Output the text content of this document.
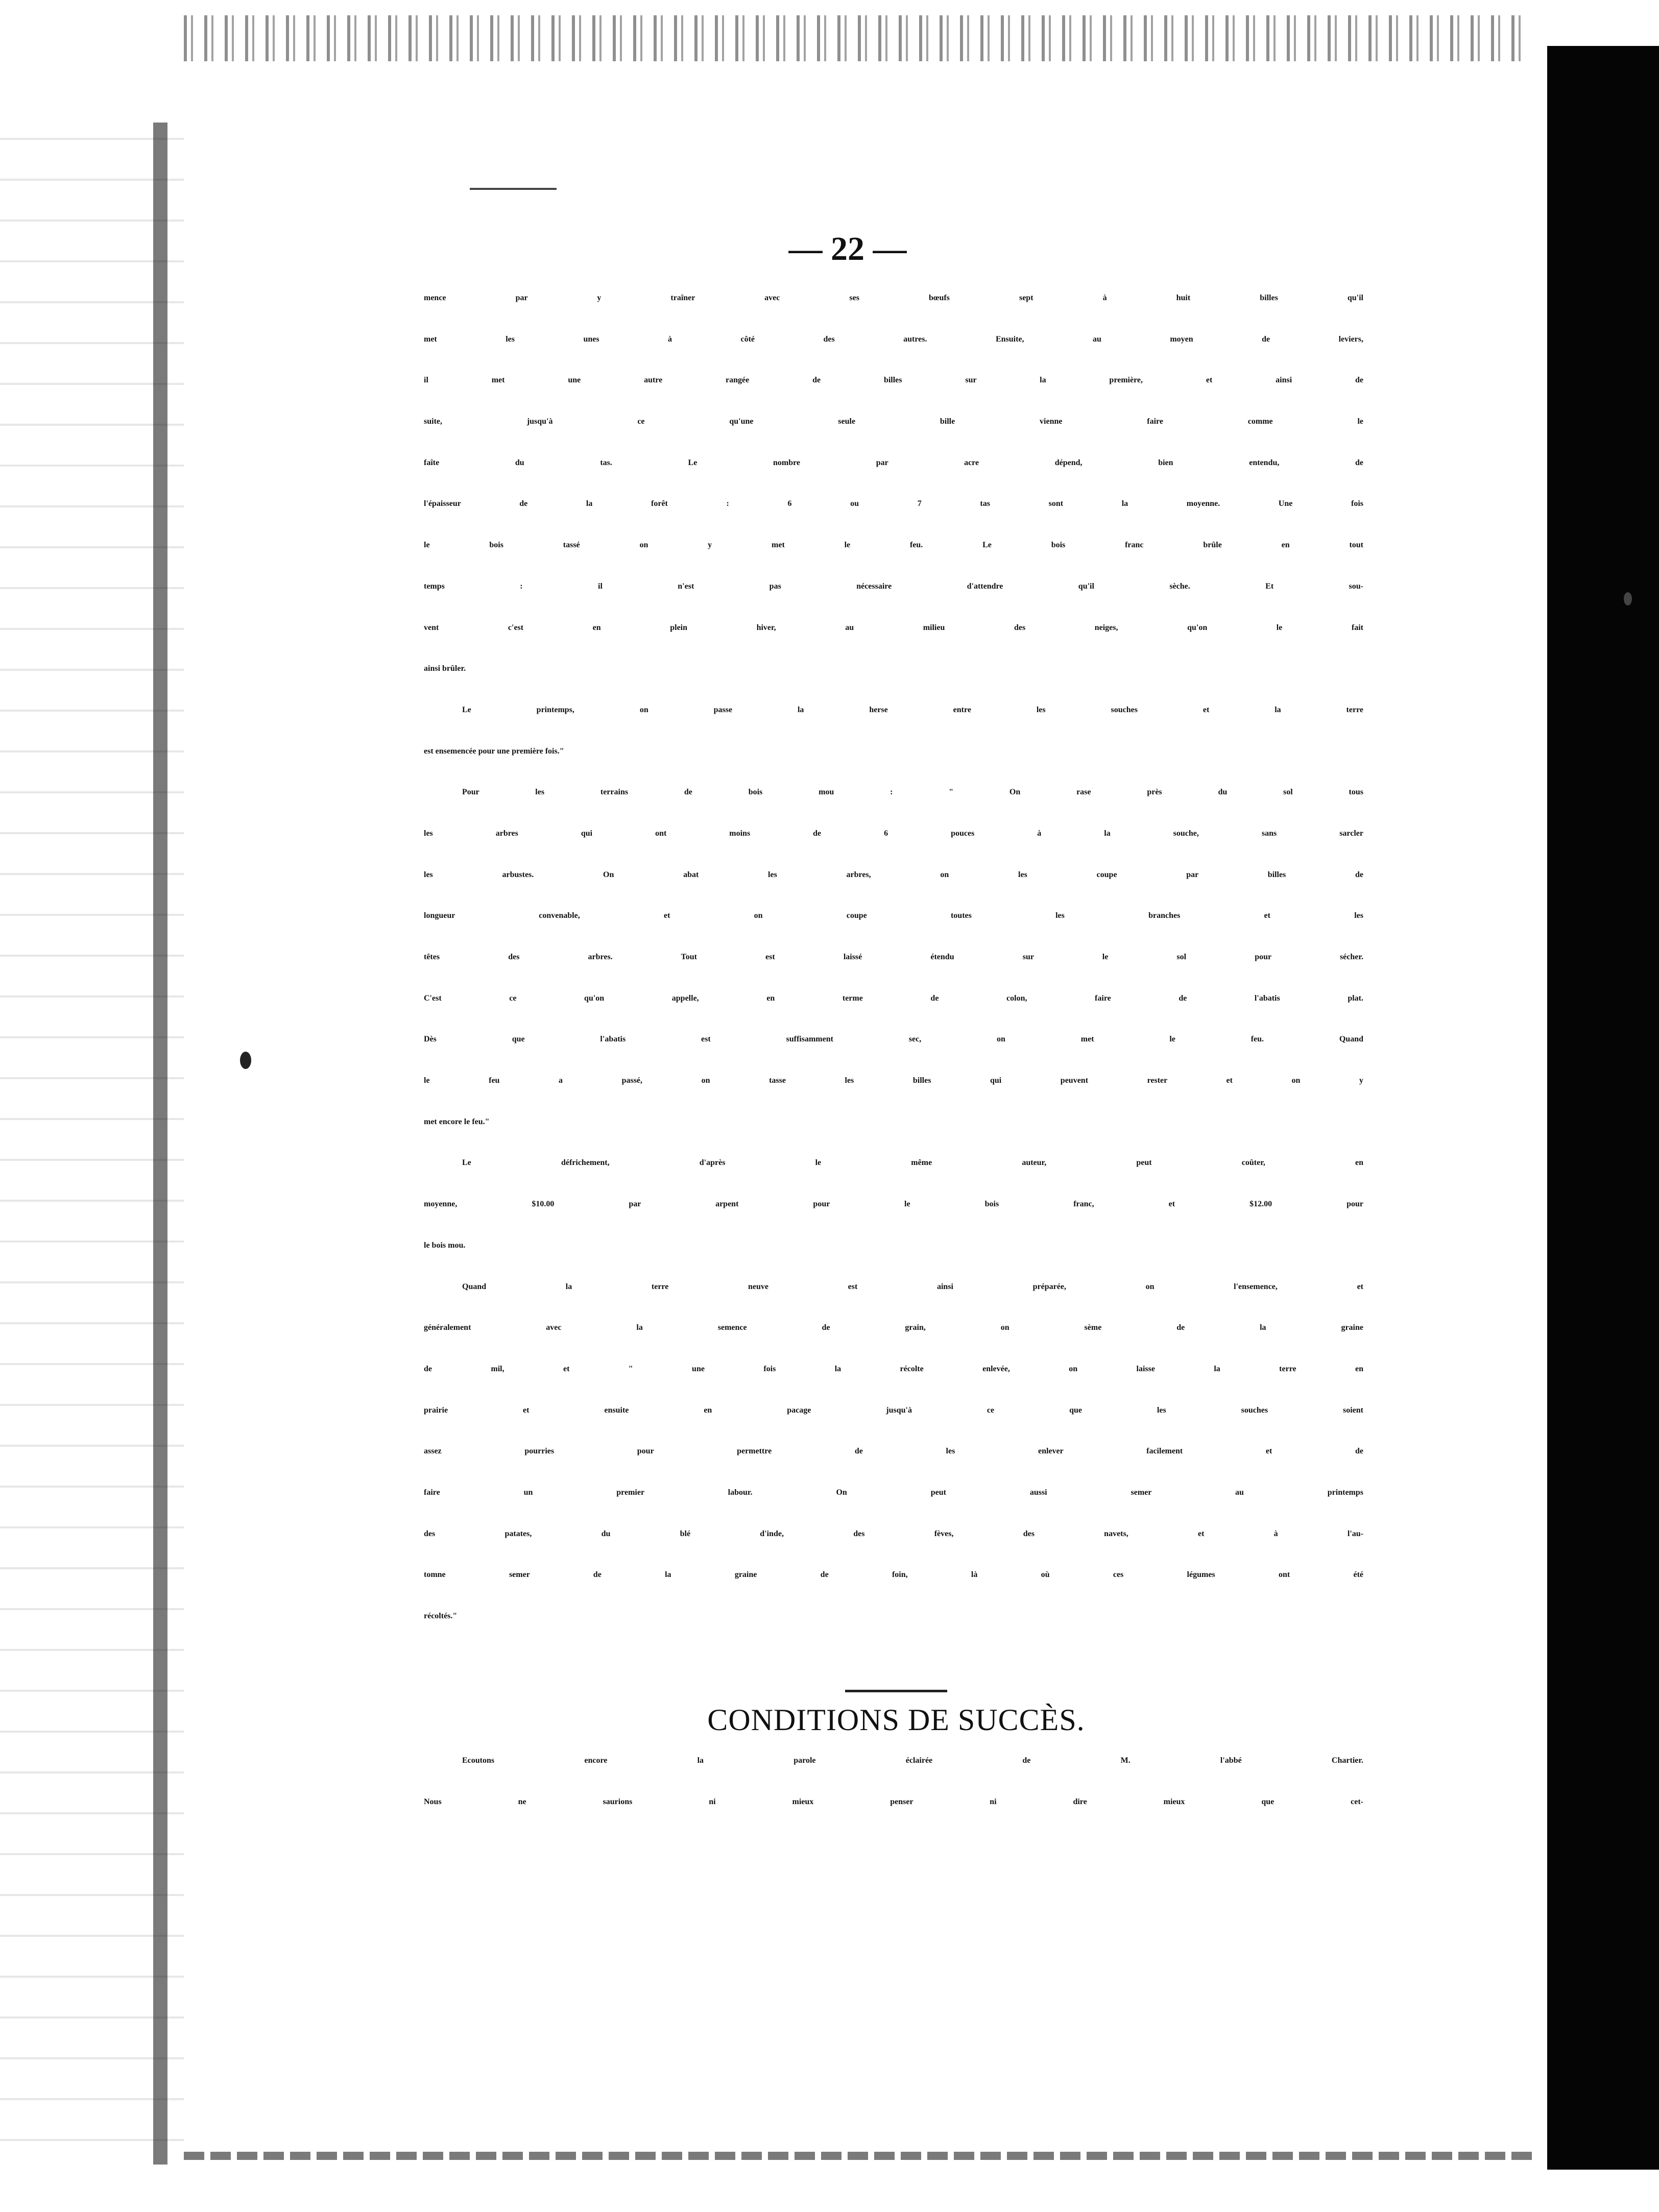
— 22 —
mence par y traîner avec ses bœufs sept à huit billes qu'il
met les unes à côté des autres. Ensuite, au moyen de leviers,
il met une autre rangée de billes sur la première, et ainsi de
suite, jusqu'à ce qu'une seule bille vienne faire comme le
faîte du tas. Le nombre par acre dépend, bien entendu, de
l'épaisseur de la forêt : 6 ou 7 tas sont la moyenne. Une fois
le bois tassé on y met le feu. Le bois franc brûle en tout
temps : il n'est pas nécessaire d'attendre qu'il sèche. Et sou-
vent c'est en plein hiver, au milieu des neiges, qu'on le fait
ainsi brûler.
Le printemps, on passe la herse entre les souches et la terre
est ensemencée pour une première fois."
Pour les terrains de bois mou : " On rase près du sol tous
les arbres qui ont moins de 6 pouces à la souche, sans sarcler
les arbustes. On abat les arbres, on les coupe par billes de
longueur convenable, et on coupe toutes les branches et les
têtes des arbres. Tout est laissé étendu sur le sol pour sécher.
C'est ce qu'on appelle, en terme de colon, faire de l'abatis plat.
Dès que l'abatis est suffisamment sec, on met le feu. Quand
le feu a passé, on tasse les billes qui peuvent rester et on y
met encore le feu."
Le défrichement, d'après le même auteur, peut coûter, en
moyenne, $10.00 par arpent pour le bois franc, et $12.00 pour
le bois mou.
Quand la terre neuve est ainsi préparée, on l'ensemence, et
généralement avec la semence de grain, on sème de la graine
de mil, et " une fois la récolte enlevée, on laisse la terre en
prairie et ensuite en pacage jusqu'à ce que les souches soient
assez pourries pour permettre de les enlever facilement et de
faire un premier labour. On peut aussi semer au printemps
des patates, du blé d'inde, des fèves, des navets, et à l'au-
tomne semer de la graine de foin, là où ces légumes ont été
récoltés."
CONDITIONS DE SUCCÈS.
Ecoutons encore la parole éclairée de M. l'abbé Chartier.
Nous ne saurions ni mieux penser ni dire mieux que cet-
